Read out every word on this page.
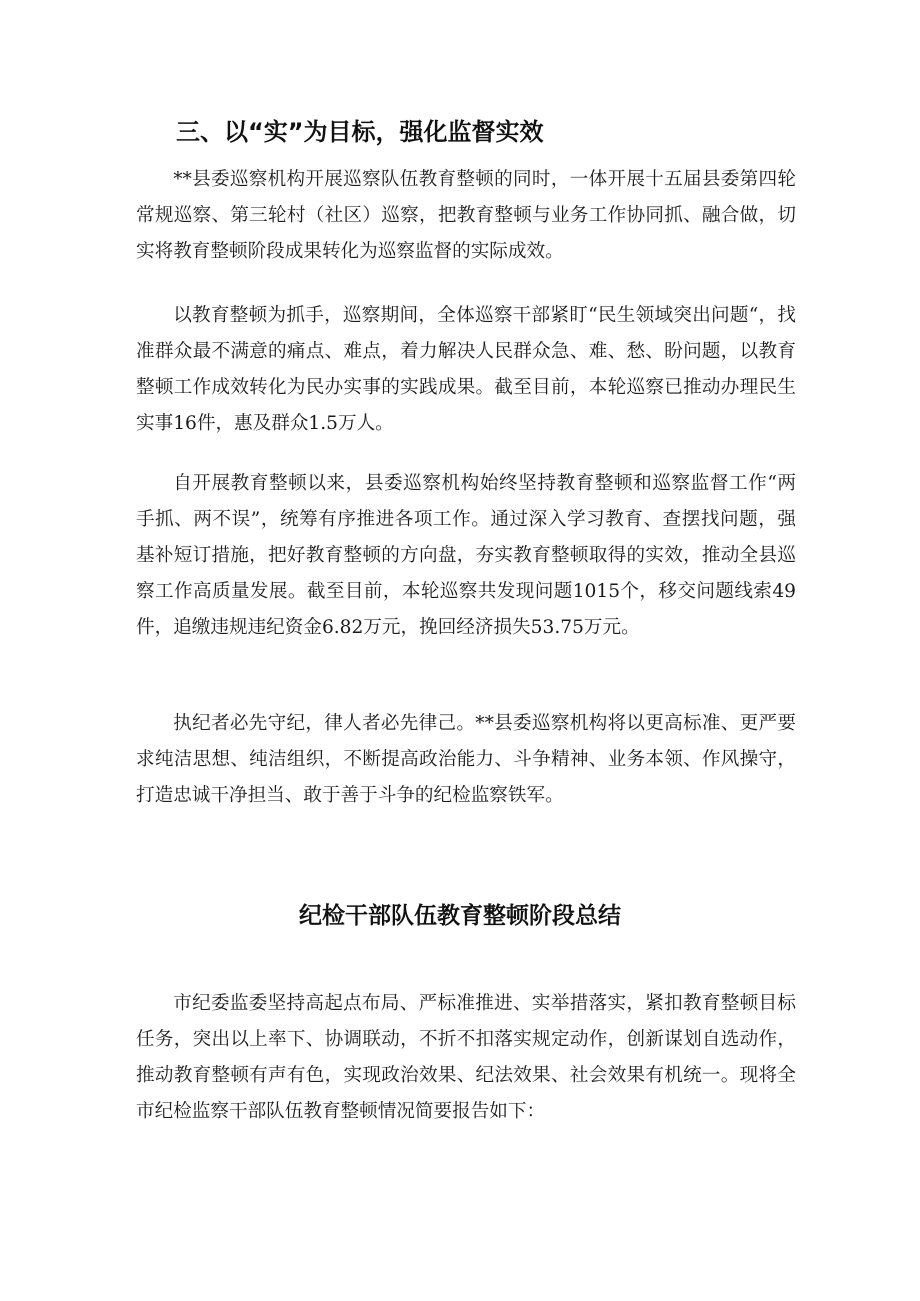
三、以“实”为目标，强化监督实效

**县委巡察机构开展巡察队伍教育整顿的同时，一体开展十五届县委第四轮常规巡察、第三轮村（社区）巡察，把教育整顿与业务工作协同抓、融合做，切实将教育整顿阶段成果转化为巡察监督的实际成效。

以教育整顿为抓手，巡察期间，全体巡察干部紧盯“民生领域突出问题“，找准群众最不满意的痛点、难点，着力解决人民群众急、难、愁、盼问题，以教育整顿工作成效转化为民办实事的实践成果。截至目前，本轮巡察已推动办理民生实事16件，惠及群众1.5万人。

自开展教育整顿以来，县委巡察机构始终坚持教育整顿和巡察监督工作“两手抓、两不误”，统筹有序推进各项工作。通过深入学习教育、查摆找问题，强基补短订措施，把好教育整顿的方向盘，夯实教育整顿取得的实效，推动全县巡察工作高质量发展。截至目前，本轮巡察共发现问题1015个，移交问题线索49件，追缴违规违纪资金6.82万元，挽回经济损失53.75万元。

执纪者必先守纪，律人者必先律己。**县委巡察机构将以更高标准、更严要求纯洁思想、纯洁组织，不断提高政治能力、斗争精神、业务本领、作风操守，打造忠诚干净担当、敢于善于斗争的纪检监察铁军。

纪检干部队伍教育整顿阶段总结

市纪委监委坚持高起点布局、严标准推进、实举措落实，紧扣教育整顿目标任务，突出以上率下、协调联动，不折不扣落实规定动作，创新谋划自选动作，推动教育整顿有声有色，实现政治效果、纪法效果、社会效果有机统一。现将全市纪检监察干部队伍教育整顿情况简要报告如下：
